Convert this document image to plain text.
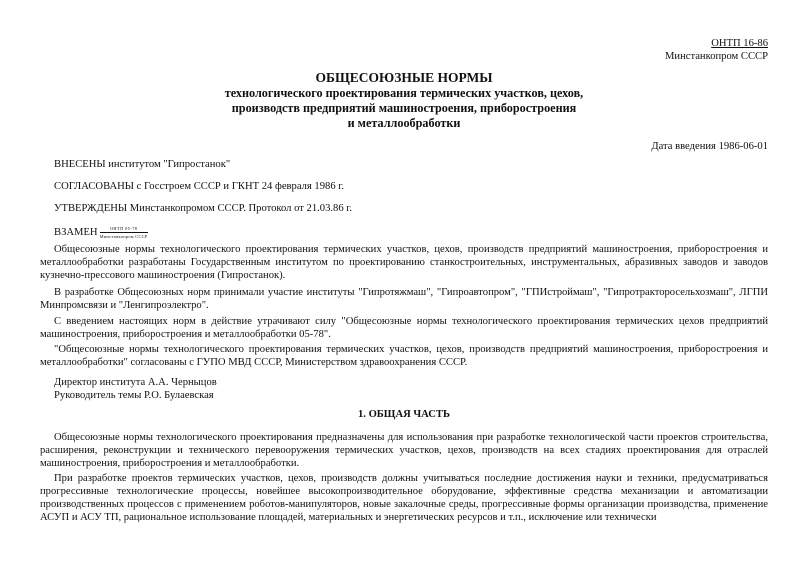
ОНТП 16-86
Минстанкопром СССР
ОБЩЕСОЮЗНЫЕ НОРМЫ
технологического проектирования термических участков, цехов,
производств предприятий машиностроения, приборостроения
и металлообработки
Дата введения 1986-06-01
ВНЕСЕНЫ институтом "Гипростанок"
СОГЛАСОВАНЫ с Госстроем СССР и ГКНТ 24 февраля 1986 г.
УТВЕРЖДЕНЫ Минстанкопромом СССР. Протокол от 21.03.86 г.
ВЗАМЕН $\frac{\text{ОНТП 05-78}}{\text{Минстанкопром СССР}}$

Общесоюзные нормы технологического проектирования термических участков, цехов, производств предприятий машиностроения, приборостроения и металлообработки разработаны Государственным институтом по проектированию станкостроительных, инструментальных, абразивных заводов и заводов кузнечно-прессового машиностроения (Гипростанок).

В разработке Общесоюзных норм принимали участие институты "Гипротяжмаш", "Гипроавтопром", "ГПИстроймаш", "Гипротракторосельхозмаш", ЛГПИ Минпромсвязи и "Ленгипроэлектро".

С введением настоящих норм в действие утрачивают силу "Общесоюзные нормы технологического проектирования термических цехов предприятий машиностроения, приборостроения и металлообработки 05-78".

"Общесоюзные нормы технологического проектирования термических участков, цехов, производств предприятий машиностроения, приборостроения и металлообработки" согласованы с ГУПО МВД СССР, Министерством здравоохранения СССР.

Директор института А.А. Черныцов
Руководитель темы Р.О. Булаевская
1. ОБЩАЯ ЧАСТЬ

Общесоюзные нормы технологического проектирования предназначены для использования при разработке технологической части проектов строительства, расширения, реконструкции и технического перевооружения термических участков, цехов, производств на всех стадиях проектирования для отраслей машиностроения, приборостроения и металлообработки.

При разработке проектов термических участков, цехов, производств должны учитываться последние достижения науки и техники, предусматриваться прогрессивные технологические процессы, новейшее высокопроизводительное оборудование, эффективные средства механизации и автоматизации производственных процессов с применением роботов-манипуляторов, новые закалочные среды, прогрессивные формы организации производства, применение АСУП и АСУ ТП, рациональное использование площадей, материальных и энергетических ресурсов и т.п., исключение или технически
